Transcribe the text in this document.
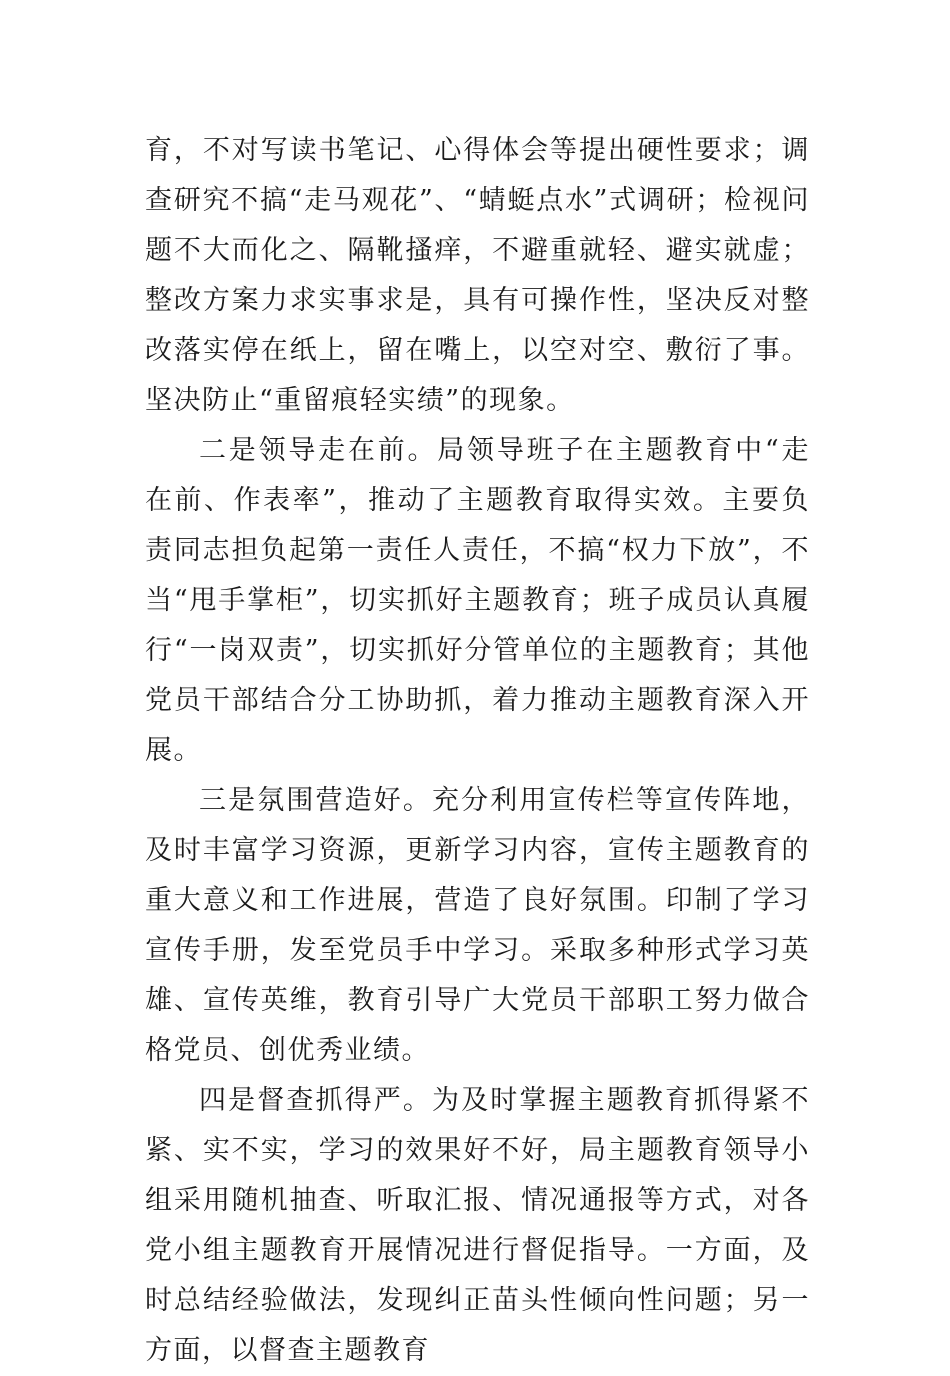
育，不对写读书笔记、心得体会等提出硬性要求；调查研究不搞“走马观花”、“蜻蜓点水”式调研；检视问题不大而化之、隔靴搔痒，不避重就轻、避实就虚；整改方案力求实事求是，具有可操作性，坚决反对整改落实停在纸上，留在嘴上，以空对空、敷衍了事。坚决防止“重留痕轻实绩”的现象。

二是领导走在前。局领导班子在主题教育中“走在前、作表率”，推动了主题教育取得实效。主要负责同志担负起第一责任人责任，不搞“权力下放”，不当“甩手掌柜”，切实抓好主题教育；班子成员认真履行“一岗双责”，切实抓好分管单位的主题教育；其他党员干部结合分工协助抓，着力推动主题教育深入开展。

三是氛围营造好。充分利用宣传栏等宣传阵地，及时丰富学习资源，更新学习内容，宣传主题教育的重大意义和工作进展，营造了良好氛围。印制了学习宣传手册，发至党员手中学习。采取多种形式学习英雄、宣传英维，教育引导广大党员干部职工努力做合格党员、创优秀业绩。

四是督查抓得严。为及时掌握主题教育抓得紧不紧、实不实，学习的效果好不好，局主题教育领导小组采用随机抽查、听取汇报、情况通报等方式，对各党小组主题教育开展情况进行督促指导。一方面，及时总结经验做法，发现纠正苗头性倾向性问题；另一方面，以督查主题教育
